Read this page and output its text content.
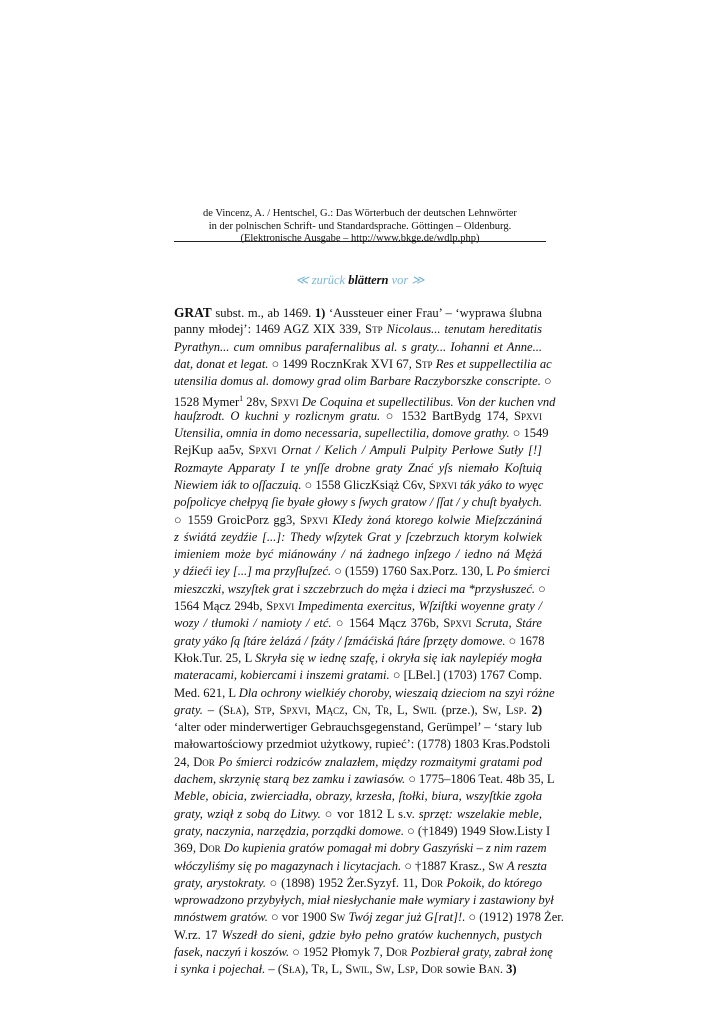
de Vincenz, A. / Hentschel, G.: Das Wörterbuch der deutschen Lehnwörter
in der polnischen Schrift- und Standardsprache. Göttingen – Oldenburg.
(Elektronische Ausgabe – http://www.bkge.de/wdlp.php)
≪ zurück blättern vor ≫
GRAT subst. m., ab 1469. 1) ‘Aussteuer einer Frau’ – ‘wyprawa ślubna
panny młodej’: 1469 AGZ XIX 339, Stp Nicolaus... tenutam hereditatis
Pyrathyn... cum omnibus parafernalibus al. s graty... Iohanni et Anne...
dat, donat et legat. ○ 1499 RocznKrak XVI 67, Stp Res et suppellectilia ac
utensilia domus al. domowy grad olim Barbare Raczyborszke conscripte. ○
1528 Mymer$^1$ 28v, Spxvi De Coquina et supellectilibus. Von der kuchen vnd
hauſzrodt. O kuchni y rozlicnym gratu. ○ 1532 BartBydg 174, Spxvi
Utensilia, omnia in domo necessaria, supellectilia, domove grathy. ○ 1549
RejKup aa5v, Spxvi Ornat / Kelich / Ampuli Pulpity Perłowe Sutły [!]
Rozmayte Apparaty I te ynſſe drobne graty Znać yſs niemało Koſtuią
Niewiem iák to oſſaczuią. ○ 1558 GliczKsiąż C6v, Spxvi ták yáko to wyęc
poſpolicye chełpyą ſie byałe głowy s ſwych gratow / ſſat / y chuſt byałych.
○ 1559 GroicPorz gg3, Spxvi KIedy żoná ktorego kolwie Mieſzczániná
z świátá zeydźie [...]: Thedy wſzytek Grat y ſczebrzuch ktorym kolwiek
imieniem może być miánowány / ná żadnego inſzego / iedno ná Mężá
y dźieći iey [...] ma przyſłuſzeć. ○ (1559) 1760 Sax.Porz. 130, L Po śmierci
mieszczki, wszyſtek grat i szczebrzuch do męża i dzieci ma *przysłuszeć. ○
1564 Mącz 294b, Spxvi Impedimenta exercitus, Wſziſtki woyenne graty /
wozy / tłumoki / namioty / etć. ○ 1564 Mącz 376b, Spxvi Scruta, Stáre
graty yáko ſą ſtáre żelázá / ſzáty / ſzmáćiská ſtáre ſprzęty domowe. ○ 1678
Kłok.Tur. 25, L Skryła się w iednę szafę, i okryła się iak naylepiéy mogła
materacami, kobiercami i inszemi gratami. ○ [LBel.] (1703) 1767 Comp.
Med. 621, L Dla ochrony wielkiéy choroby, wieszaią dzieciom na szyi różne
graty. – (Sła), Stp, Spxvi, Mącz, Cn, Tr, L, Swil (prze.), Sw, Lsp. 2)
‘alter oder minderwertiger Gebrauchsgegenstand, Gerümpel’ – ‘stary lub
małowartościowy przedmiot użytkowy, rupieć’: (1778) 1803 Kras.Podstoli
24, Dor Po śmierci rodziców znalazłem, między rozmaitymi gratami pod
dachem, skrzynię starą bez zamku i zawiasów. ○ 1775–1806 Teat. 48b 35, L
Meble, obicia, zwierciadła, obrazy, krzesła, ſtołki, biura, wszyſtkie zgoła
graty, wziął z sobą do Litwy. ○ vor 1812 L s.v. sprzęt: wszelakie meble,
graty, naczynia, narzędzia, porządki domowe. ○ (†1849) 1949 Słow.Listy I
369, Dor Do kupienia gratów pomagał mi dobry Gaszyński – z nim razem
włóczyliśmy się po magazynach i licytacjach. ○ †1887 Krasz., Sw A reszta
graty, arystokraty. ○ (1898) 1952 Żer.Syzyf. 11, Dor Pokoik, do którego
wprowadzono przybyłych, miał niesłychanie małe wymiary i zastawiony był
mnóstwem gratów. ○ vor 1900 Sw Twój zegar już G[rat]!. ○ (1912) 1978 Żer.
W.rz. 17 Wszedł do sieni, gdzie było pełno gratów kuchennych, pustych
fasek, naczyń i koszów. ○ 1952 Płomyk 7, Dor Pozbierał graty, zabrał żonę
i synka i pojechał. – (Sła), Tr, L, Swil, Sw, Lsp, Dor sowie Ban. 3)
